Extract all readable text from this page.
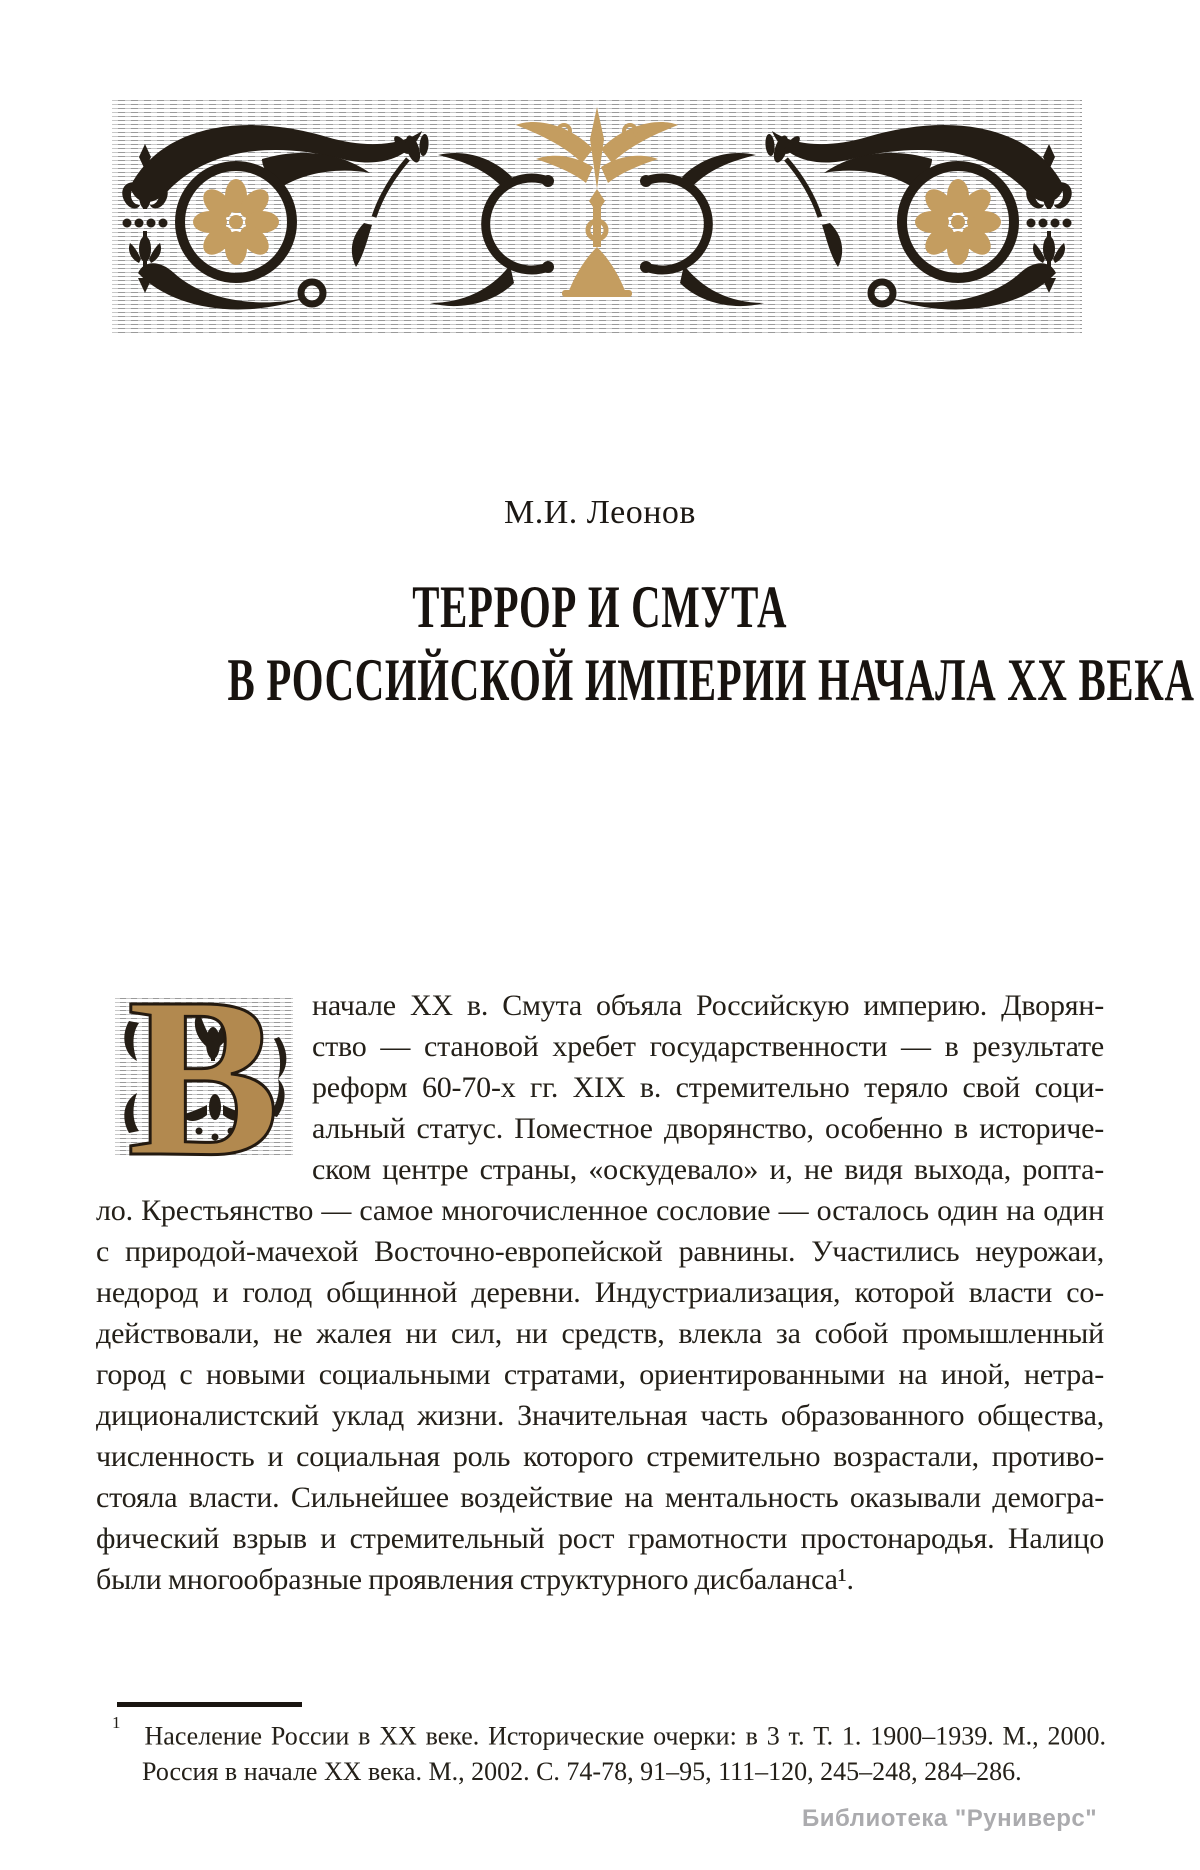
М.И. Леонов
ТЕРРОР И СМУТА
В РОССИЙСКОЙ ИМПЕРИИ НАЧАЛА XX ВЕКА
В	начале XX в. Смута объяла Российскую империю. Дворян-
ство — становой хребет государственности — в результате
реформ 60-70-х гг. XIX в. стремительно теряло свой соци-
альный статус. Поместное дворянство, особенно в историче-
ском центре страны, «оскудевало» и, не видя выхода, ропта-
ло. Крестьянство — самое многочисленное сословие — осталось один на один
с природой-мачехой Восточно-европейской равнины. Участились неурожаи,
недород и голод общинной деревни. Индустриализация, которой власти со-
действовали, не жалея ни сил, ни средств, влекла за собой промышленный
город с новыми социальными стратами, ориентированными на иной, нетра-
диционалистский уклад жизни. Значительная часть образованного общества,
численность и социальная роль которого стремительно возрастали, противо-
стояла власти. Сильнейшее воздействие на ментальность оказывали демогра-
фический взрыв и стремительный рост грамотности простонародья. Налицо
были многообразные проявления структурного дисбаланса¹.
$^1$ Население России в XX веке. Исторические очерки: в 3 т. Т. 1. 1900–1939. М., 2000.
Россия в начале XX века. М., 2002. С. 74-78, 91–95, 111–120, 245–248, 284–286.
Библиотека "Руниверс"
